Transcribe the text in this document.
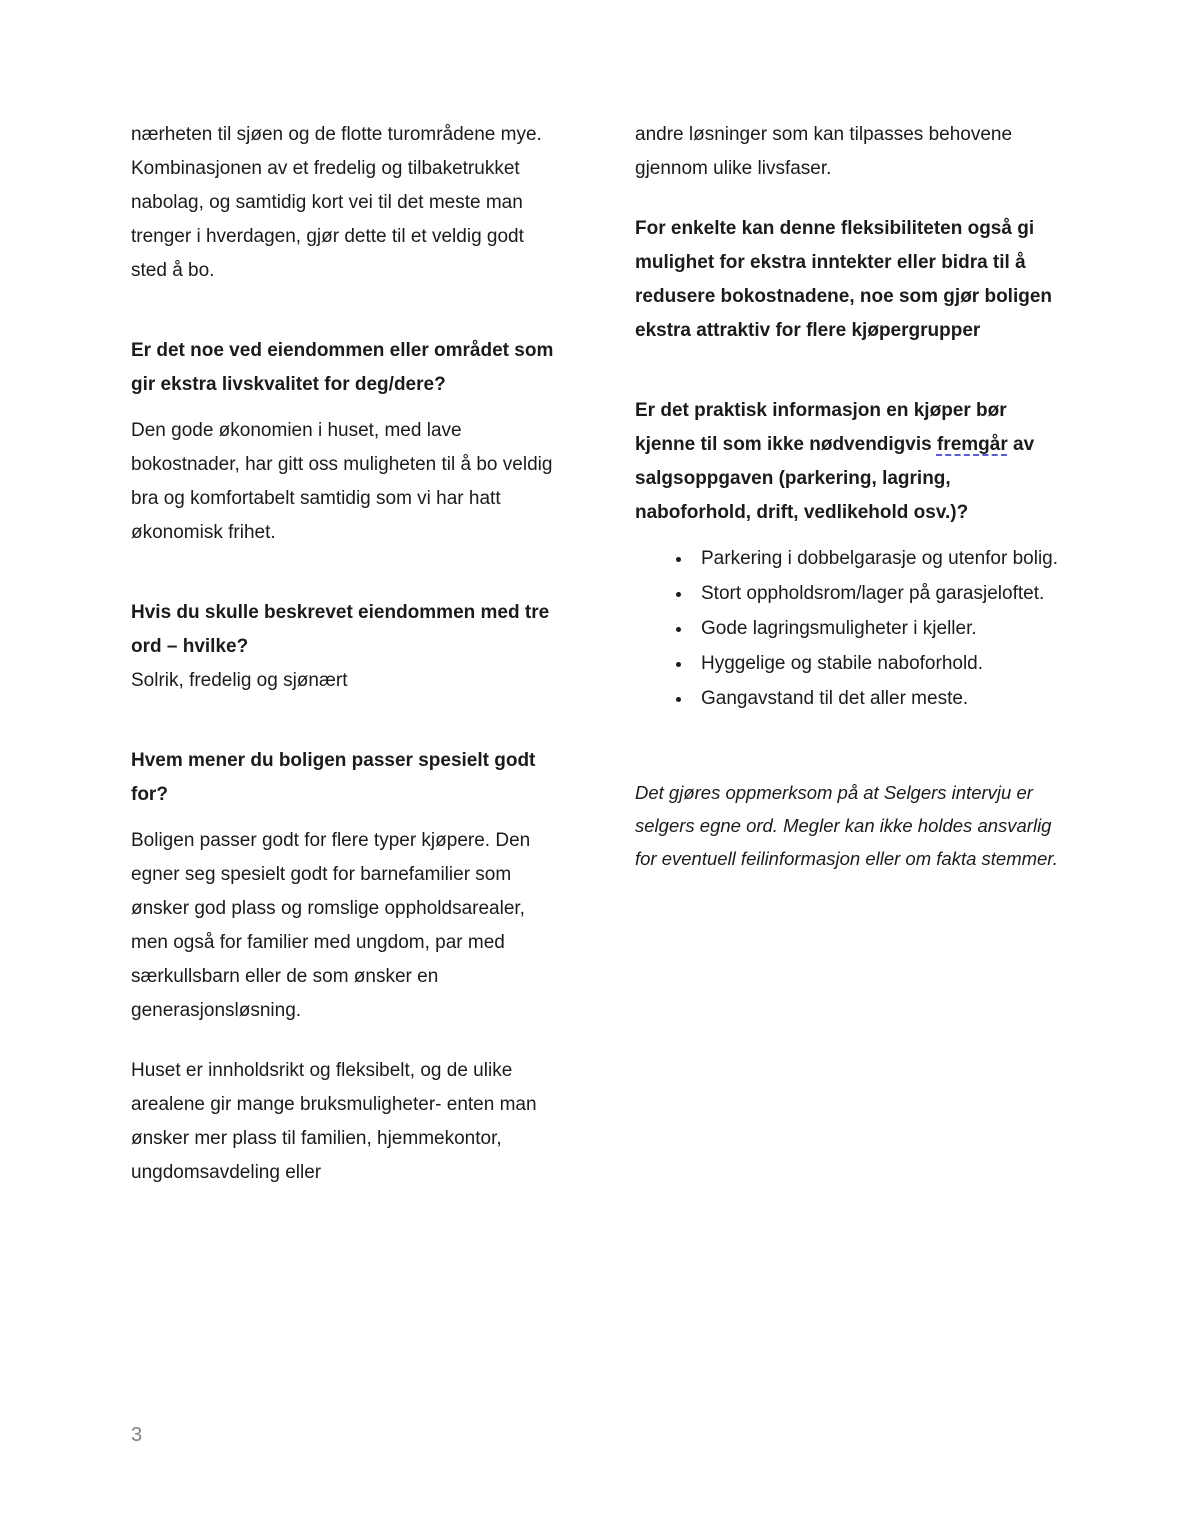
nærheten til sjøen og de flotte turområdene mye. Kombinasjonen av et fredelig og tilbaketrukket nabolag, og samtidig kort vei til det meste man trenger i hverdagen, gjør dette til et veldig godt sted å bo.

Er det noe ved eiendommen eller området som gir ekstra livskvalitet for deg/dere?

Den gode økonomien i huset, med lave bokostnader, har gitt oss muligheten til å bo veldig bra og komfortabelt samtidig som vi har hatt økonomisk frihet.

Hvis du skulle beskrevet eiendommen med tre ord – hvilke?

Solrik, fredelig og sjønært

Hvem mener du boligen passer spesielt godt for?

Boligen passer godt for flere typer kjøpere. Den egner seg spesielt godt for barnefamilier som ønsker god plass og romslige oppholdsarealer, men også for familier med ungdom, par med særkullsbarn eller de som ønsker en generasjonsløsning.

Huset er innholdsrikt og fleksibelt, og de ulike arealene gir mange bruksmuligheter- enten man ønsker mer plass til familien, hjemmekontor, ungdomsavdeling eller

andre løsninger som kan tilpasses behovene gjennom ulike livsfaser.

For enkelte kan denne fleksibiliteten også gi mulighet for ekstra inntekter eller bidra til å redusere bokostnadene, noe som gjør boligen ekstra attraktiv for flere kjøpergrupper

Er det praktisk informasjon en kjøper bør kjenne til som ikke nødvendigvis fremgår av salgsoppgaven (parkering, lagring, naboforhold, drift, vedlikehold osv.)?
• Parkering i dobbelgarasje og utenfor bolig.
• Stort oppholdsrom/lager på garasjeloftet.
• Gode lagringsmuligheter i kjeller.
• Hyggelige og stabile naboforhold.
• Gangavstand til det aller meste.

Det gjøres oppmerksom på at Selgers intervju er selgers egne ord. Megler kan ikke holdes ansvarlig for eventuell feilinformasjon eller om fakta stemmer.

3
